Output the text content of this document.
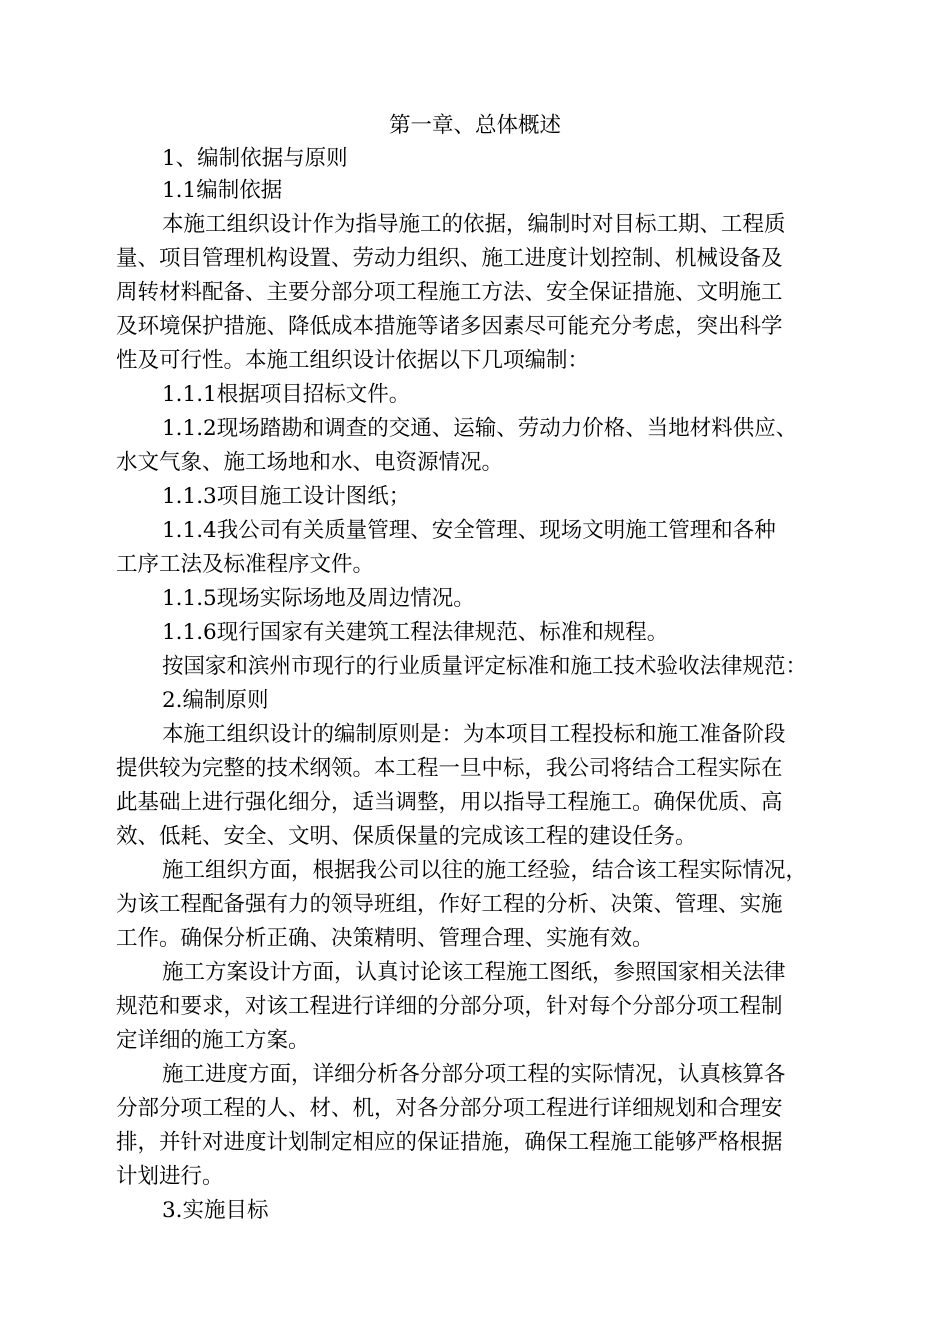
第一章、总体概述
1、编制依据与原则
1.1编制依据
本施工组织设计作为指导施工的依据，编制时对目标工期、工程质
量、项目管理机构设置、劳动力组织、施工进度计划控制、机械设备及
周转材料配备、主要分部分项工程施工方法、安全保证措施、文明施工
及环境保护措施、降低成本措施等诸多因素尽可能充分考虑，突出科学
性及可行性。本施工组织设计依据以下几项编制：
1.1.1根据项目招标文件。
1.1.2现场踏勘和调查的交通、运输、劳动力价格、当地材料供应、
水文气象、施工场地和水、电资源情况。
1.1.3项目施工设计图纸；
1.1.4我公司有关质量管理、安全管理、现场文明施工管理和各种
工序工法及标准程序文件。
1.1.5现场实际场地及周边情况。
1.1.6现行国家有关建筑工程法律规范、标准和规程。
按国家和滨州市现行的行业质量评定标准和施工技术验收法律规范：
2.编制原则
本施工组织设计的编制原则是：为本项目工程投标和施工准备阶段
提供较为完整的技术纲领。本工程一旦中标，我公司将结合工程实际在
此基础上进行强化细分，适当调整，用以指导工程施工。确保优质、高
效、低耗、安全、文明、保质保量的完成该工程的建设任务。
施工组织方面，根据我公司以往的施工经验，结合该工程实际情况，
为该工程配备强有力的领导班组，作好工程的分析、决策、管理、实施
工作。确保分析正确、决策精明、管理合理、实施有效。
施工方案设计方面，认真讨论该工程施工图纸，参照国家相关法律
规范和要求，对该工程进行详细的分部分项，针对每个分部分项工程制
定详细的施工方案。
施工进度方面，详细分析各分部分项工程的实际情况，认真核算各
分部分项工程的人、材、机，对各分部分项工程进行详细规划和合理安
排，并针对进度计划制定相应的保证措施，确保工程施工能够严格根据
计划进行。
3.实施目标
